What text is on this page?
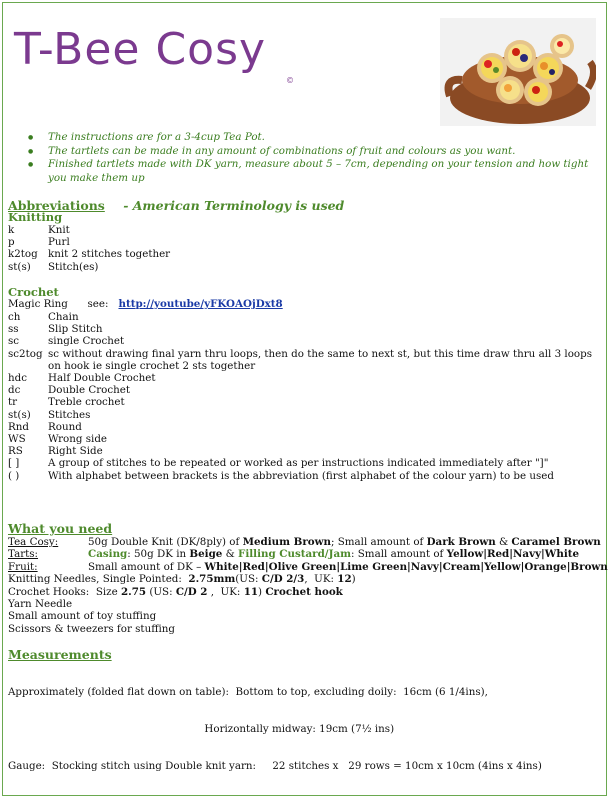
T-Bee Cosy
©
● The instructions are for a 3-4cup Tea Pot.
● The tartlets can be made in any amount of combinations of fruit and colours as you want.
● Finished tartlets made with DK yarn, measure about 5 – 7cm, depending on your tension and how tight you make them up
Abbreviations - American Terminology is used
Knitting
k	Knit
p	Purl
k2tog knit 2 stitches together
st(s)	Stitch(es)
Crochet
Magic Ring      see: http://youtube/yFKOAOjDxt8
ch	Chain
ss	Slip Stitch
sc	single Crochet
sc2tog sc without drawing final yarn thru loops, then do the same to next st, but this time draw thru all 3 loops on hook ie single crochet 2 sts together
hdc	Half Double Crochet
dc	Double Crochet
tr	Treble crochet
st(s)	Stitches
Rnd	Round
WS	Wrong side
RS	Right Side
[ ]	A group of stitches to be repeated or worked as per instructions indicated immediately after "]"
( )	With alphabet between brackets is the abbreviation (first alphabet of the colour yarn) to be used
What you need
Tea Cosy:	50g Double Knit (DK/8ply) of Medium Brown; Small amount of Dark Brown & Caramel Brown
Tarts:	Casing: 50g DK in Beige & Filling Custard/Jam: Small amount of Yellow|Red|Navy|White
Fruit:	Small amount of DK – White|Red|Olive Green|Lime Green|Navy|Cream|Yellow|Orange|Brown
Knitting Needles, Single Pointed:  2.75mm(US: C/D 2/3,  UK: 12)
Crochet Hooks:  Size 2.75 (US: C/D 2 ,  UK: 11) Crochet hook
Yarn Needle
Small amount of toy stuffing
Scissors & tweezers for stuffing
Measurements

Approximately (folded flat down on table):  Bottom to top, excluding doily:  16cm (6 1/4ins),

Horizontally midway: 19cm (7½ ins)

Gauge:  Stocking stitch using Double knit yarn:     22 stitches x   29 rows = 10cm x 10cm (4ins x 4ins)
